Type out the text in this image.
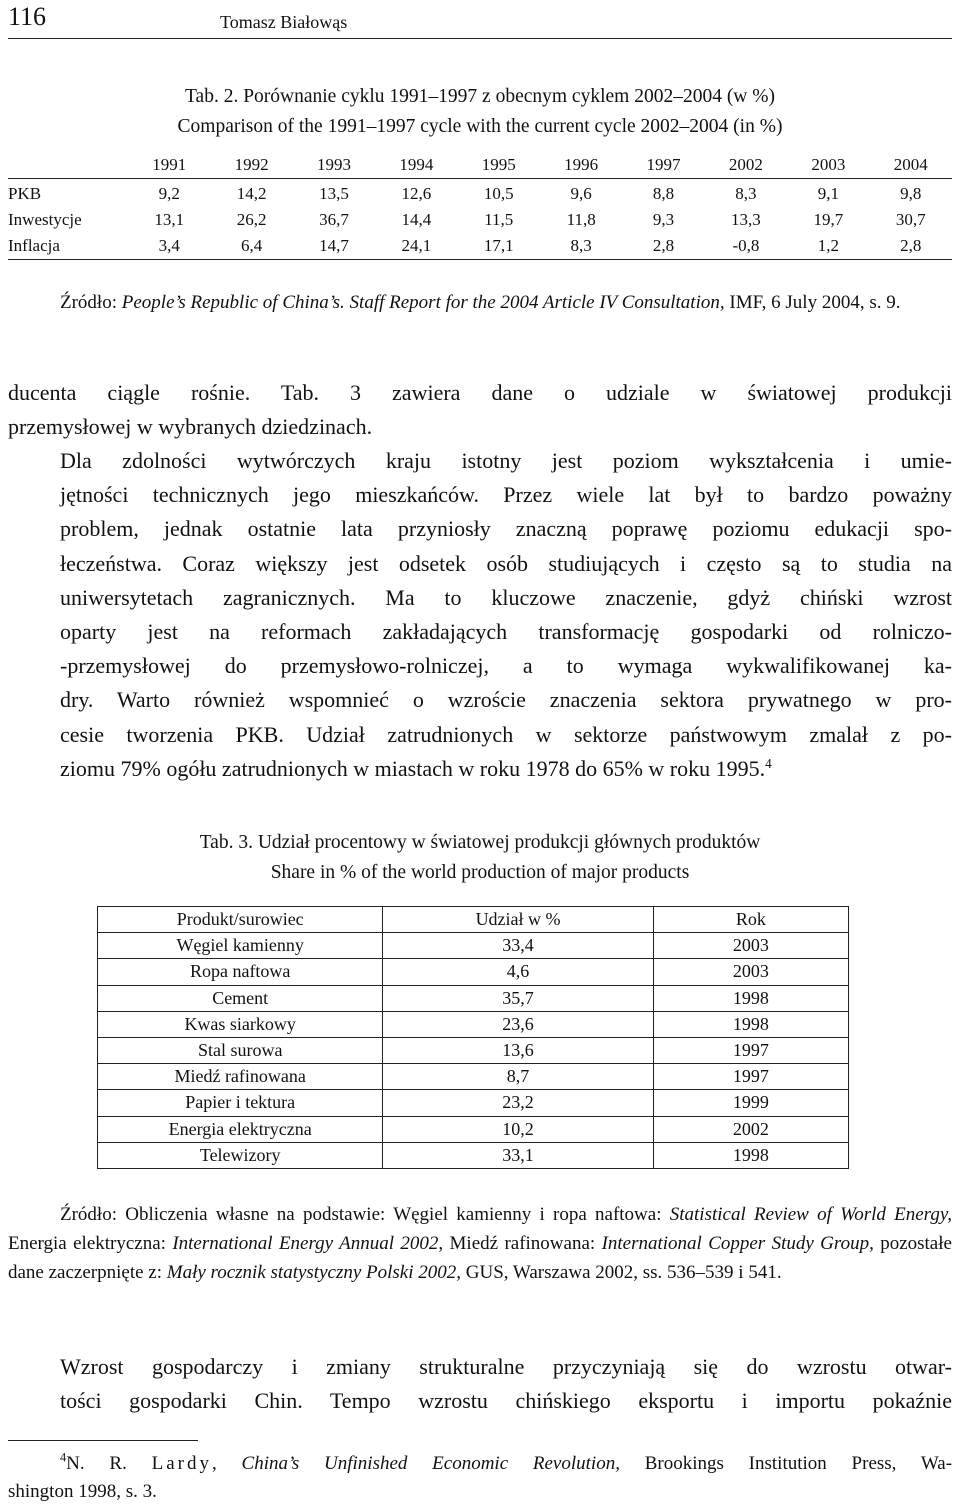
116	Tomasz Białowąs
Tab. 2. Porównanie cyklu 1991–1997 z obecnym cyklem 2002–2004 (w %)
Comparison of the 1991–1997 cycle with the current cycle 2002–2004 (in %)
	1991	1992	1993	1994	1995	1996	1997	2002	2003	2004
PKB	9,2	14,2	13,5	12,6	10,5	9,6	8,8	8,3	9,1	9,8
Inwestycje	13,1	26,2	36,7	14,4	11,5	11,8	9,3	13,3	19,7	30,7
Inflacja	3,4	6,4	14,7	24,1	17,1	8,3	2,8	-0,8	1,2	2,8

Źródło: People’s Republic of China’s. Staff Report for the 2004 Article IV Consultation, IMF, 6 July 2004, s. 9.

ducenta ciągle rośnie. Tab. 3 zawiera dane o udziale w światowej produkcji
przemysłowej w wybranych dziedzinach.
Dla zdolności wytwórczych kraju istotny jest poziom wykształcenia i umie-
jętności technicznych jego mieszkańców. Przez wiele lat był to bardzo poważny
problem, jednak ostatnie lata przyniosły znaczną poprawę poziomu edukacji spo-
łeczeństwa. Coraz większy jest odsetek osób studiujących i często są to studia na
uniwersytetach zagranicznych. Ma to kluczowe znaczenie, gdyż chiński wzrost
oparty jest na reformach zakładających transformację gospodarki od rolniczo-
-przemysłowej do przemysłowo-rolniczej, a to wymaga wykwalifikowanej ka-
dry. Warto również wspomnieć o wzroście znaczenia sektora prywatnego w pro-
cesie tworzenia PKB. Udział zatrudnionych w sektorze państwowym zmalał z po-
ziomu 79% ogółu zatrudnionych w miastach w roku 1978 do 65% w roku 1995.$^4$
Tab. 3. Udział procentowy w światowej produkcji głównych produktów
Share in % of the world production of major products
Produkt/surowiec	Udział w %	Rok
Węgiel kamienny	33,4	2003
Ropa naftowa	4,6	2003
Cement	35,7	1998
Kwas siarkowy	23,6	1998
Stal surowa	13,6	1997
Miedź rafinowana	8,7	1997
Papier i tektura	23,2	1999
Energia elektryczna	10,2	2002
Telewizory	33,1	1998

Źródło: Obliczenia własne na podstawie: Węgiel kamienny i ropa naftowa: Statistical Review of World Energy, Energia elektryczna: International Energy Annual 2002, Miedź rafinowana: International Copper Study Group, pozostałe dane zaczerpnięte z: Mały rocznik statystyczny Polski 2002, GUS, Warszawa 2002, ss. 536–539 i 541.

Wzrost gospodarczy i zmiany strukturalne przyczyniają się do wzrostu otwar-
tości gospodarki Chin. Tempo wzrostu chińskiego eksportu i importu pokaźnie
$^4$N. R. Lardy, China’s Unfinished Economic Revolution, Brookings Institution Press, Wa-
shington 1998, s. 3.
